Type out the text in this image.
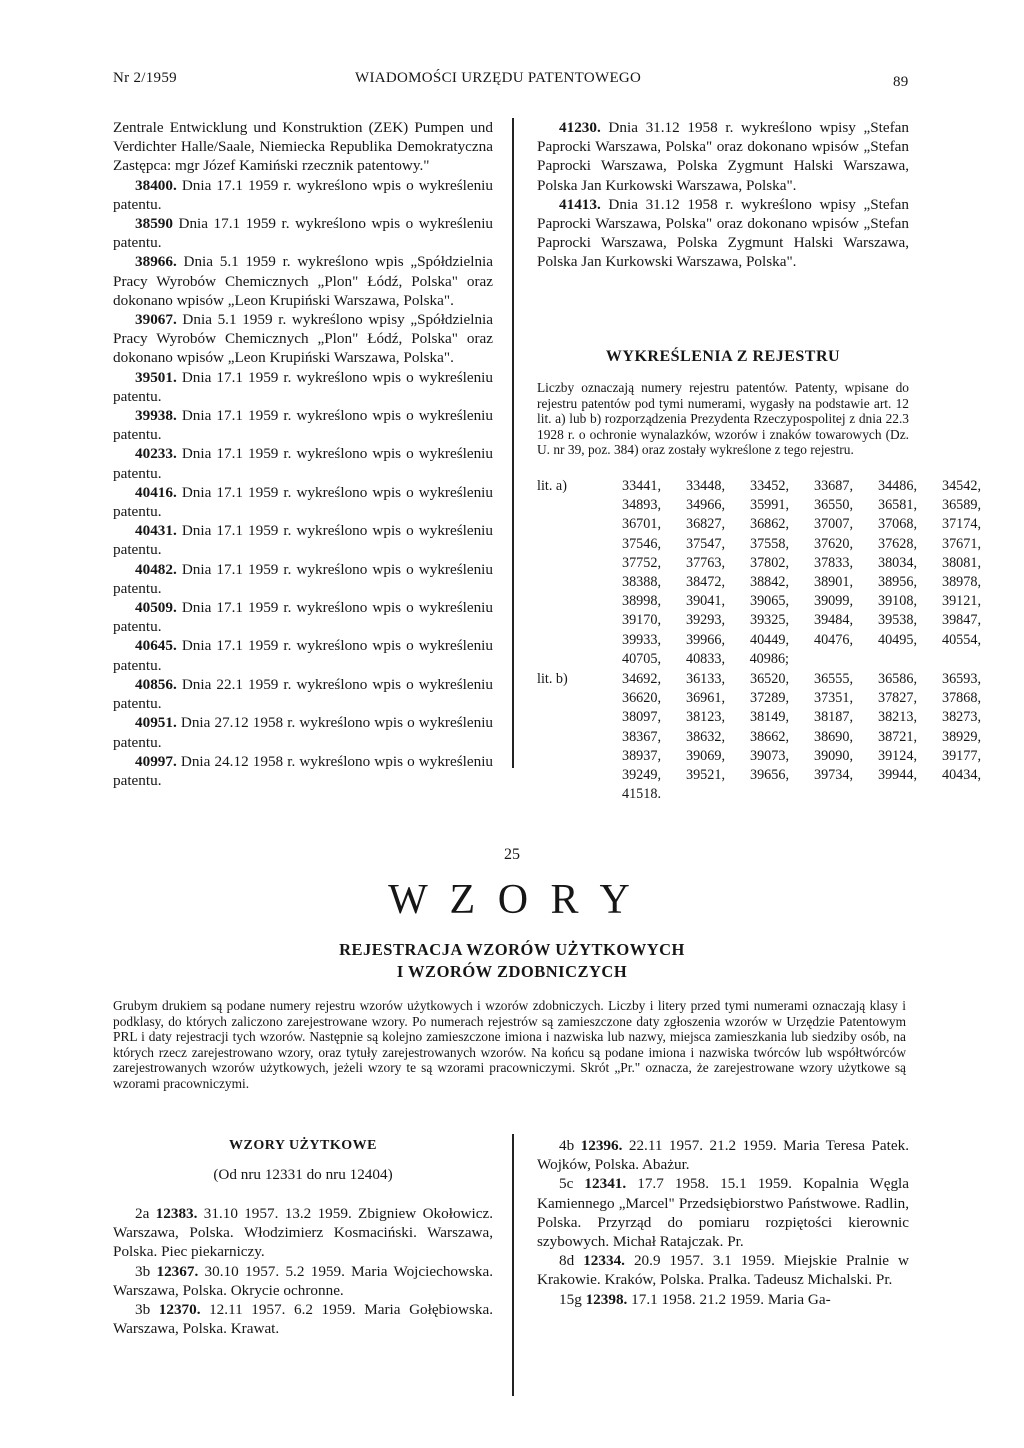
Nr 2/1959	WIADOMOŚCI URZĘDU PATENTOWEGO	89

Zentrale Entwicklung und Konstruktion (ZEK) Pumpen und Verdichter Halle/Saale, Niemiecka Republika Demokratyczna Zastępca: mgr Józef Kamiński rzecznik patentowy."

38400. Dnia 17.1 1959 r. wykreślono wpis o wykreśleniu patentu.

38590 Dnia 17.1 1959 r. wykreślono wpis o wykreśleniu patentu.

38966. Dnia 5.1 1959 r. wykreślono wpis „Spółdzielnia Pracy Wyrobów Chemicznych „Plon" Łódź, Polska" oraz dokonano wpisów „Leon Krupiński Warszawa, Polska".

39067. Dnia 5.1 1959 r. wykreślono wpisy „Spółdzielnia Pracy Wyrobów Chemicznych „Plon" Łódź, Polska" oraz dokonano wpisów „Leon Krupiński Warszawa, Polska".

39501. Dnia 17.1 1959 r. wykreślono wpis o wykreśleniu patentu.

39938. Dnia 17.1 1959 r. wykreślono wpis o wykreśleniu patentu.

40233. Dnia 17.1 1959 r. wykreślono wpis o wykreśleniu patentu.

40416. Dnia 17.1 1959 r. wykreślono wpis o wykreśleniu patentu.

40431. Dnia 17.1 1959 r. wykreślono wpis o wykreśleniu patentu.

40482. Dnia 17.1 1959 r. wykreślono wpis o wykreśleniu patentu.

40509. Dnia 17.1 1959 r. wykreślono wpis o wykreśleniu patentu.

40645. Dnia 17.1 1959 r. wykreślono wpis o wykreśleniu patentu.

40856. Dnia 22.1 1959 r. wykreślono wpis o wykreśleniu patentu.

40951. Dnia 27.12 1958 r. wykreślono wpis o wykreśleniu patentu.

40997. Dnia 24.12 1958 r. wykreślono wpis o wykreśleniu patentu.

41230. Dnia 31.12 1958 r. wykreślono wpisy „Stefan Paprocki Warszawa, Polska" oraz dokonano wpisów „Stefan Paprocki Warszawa, Polska Zygmunt Halski Warszawa, Polska Jan Kurkowski Warszawa, Polska".

41413. Dnia 31.12 1958 r. wykreślono wpisy „Stefan Paprocki Warszawa, Polska" oraz dokonano wpisów „Stefan Paprocki Warszawa, Polska Zygmunt Halski Warszawa, Polska Jan Kurkowski Warszawa, Polska".

WYKREŚLENIA Z REJESTRU
Liczby oznaczają numery rejestru patentów. Patenty, wpisane do rejestru patentów pod tymi numerami, wygasły na podstawie art. 12 lit. a) lub b) rozporządzenia Prezydenta Rzeczypospolitej z dnia 22.3 1928 r. o ochronie wynalazków, wzorów i znaków towarowych (Dz. U. nr 39, poz. 384) oraz zostały wykreślone z tego rejestru.
lit. a)	33441,	33448,	33452,	33687,	34486,	34542,
	34893,	34966,	35991,	36550,	36581,	36589,
	36701,	36827,	36862,	37007,	37068,	37174,
	37546,	37547,	37558,	37620,	37628,	37671,
	37752,	37763,	37802,	37833,	38034,	38081,
	38388,	38472,	38842,	38901,	38956,	38978,
	38998,	39041,	39065,	39099,	39108,	39121,
	39170,	39293,	39325,	39484,	39538,	39847,
	39933,	39966,	40449,	40476,	40495,	40554,
	40705,	40833,	40986;			
lit. b)	34692,	36133,	36520,	36555,	36586,	36593,
	36620,	36961,	37289,	37351,	37827,	37868,
	38097,	38123,	38149,	38187,	38213,	38273,
	38367,	38632,	38662,	38690,	38721,	38929,
	38937,	39069,	39073,	39090,	39124,	39177,
	39249,	39521,	39656,	39734,	39944,	40434,
	41518.					
25
W Z O R Y
REJESTRACJA WZORÓW UŻYTKOWYCH
I WZORÓW ZDOBNICZYCH
Grubym drukiem są podane numery rejestru wzorów użytkowych i wzorów zdobniczych. Liczby i litery przed tymi numerami oznaczają klasy i podklasy, do których zaliczono zarejestrowane wzory. Po numerach rejestrów są zamieszczone daty zgłoszenia wzorów w Urzędzie Patentowym PRL i daty rejestracji tych wzorów. Następnie są kolejno zamieszczone imiona i nazwiska lub nazwy, miejsca zamieszkania lub siedziby osób, na których rzecz zarejestrowano wzory, oraz tytuły zarejestrowanych wzorów. Na końcu są podane imiona i nazwiska twórców lub współtwórców zarejestrowanych wzorów użytkowych, jeżeli wzory te są wzorami pracowniczymi. Skrót „Pr." oznacza, że zarejestrowane wzory użytkowe są wzorami pracowniczymi.
WZORY UŻYTKOWE
(Od nru 12331 do nru 12404)

2a 12383. 31.10 1957. 13.2 1959. Zbigniew Okołowicz. Warszawa, Polska. Włodzimierz Kosmaciński. Warszawa, Polska. Piec piekarniczy.

3b 12367. 30.10 1957. 5.2 1959. Maria Wojciechowska. Warszawa, Polska. Okrycie ochronne.

3b 12370. 12.11 1957. 6.2 1959. Maria Gołębiowska. Warszawa, Polska. Krawat.

4b 12396. 22.11 1957. 21.2 1959. Maria Teresa Patek. Wojków, Polska. Abażur.

5c 12341. 17.7 1958. 15.1 1959. Kopalnia Węgla Kamiennego „Marcel" Przedsiębiorstwo Państwowe. Radlin, Polska. Przyrząd do pomiaru rozpiętości kierownic szybowych. Michał Ratajczak. Pr.

8d 12334. 20.9 1957. 3.1 1959. Miejskie Pralnie w Krakowie. Kraków, Polska. Pralka. Tadeusz Michalski. Pr.

15g 12398. 17.1 1958. 21.2 1959. Maria Ga-
